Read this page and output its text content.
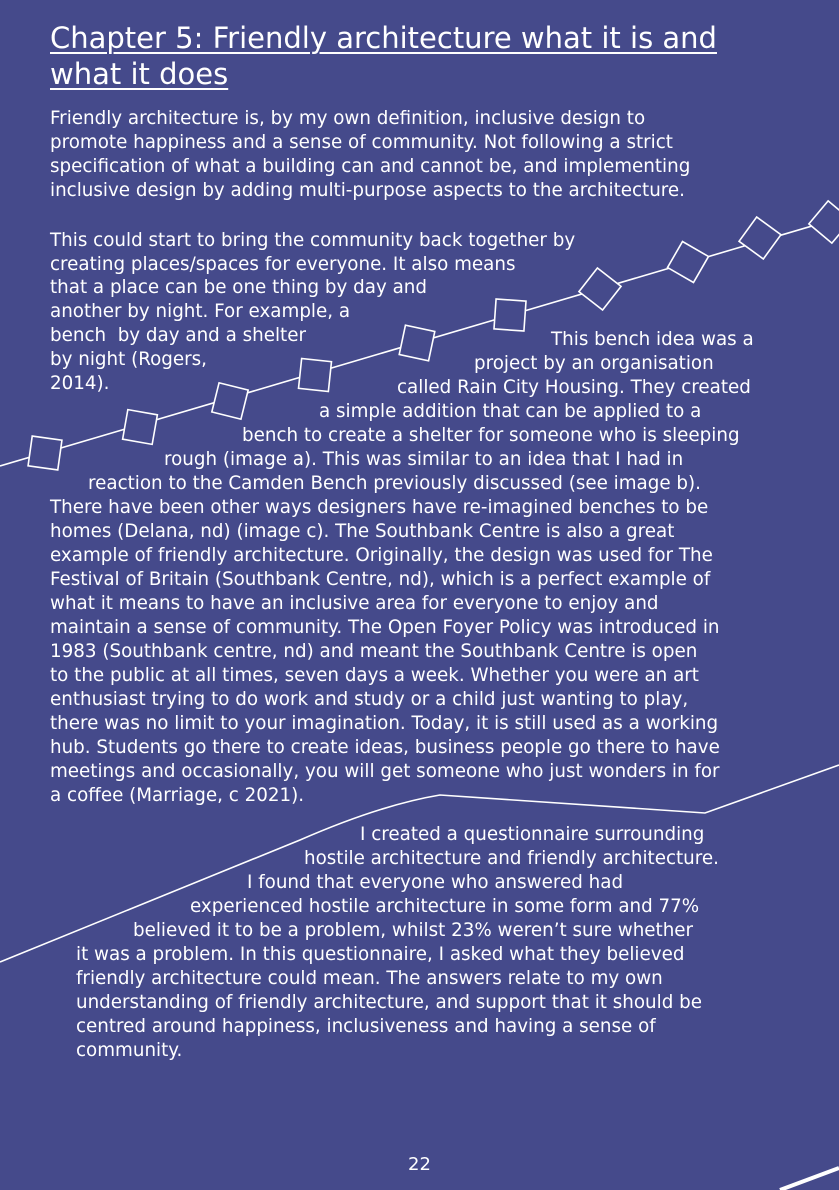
Chapter 5: Friendly architecture what it is and
what it does
Friendly architecture is, by my own definition, inclusive design to
promote happiness and a sense of community. Not following a strict
specification of what a building can and cannot be, and implementing
inclusive design by adding multi-purpose aspects to the architecture.
This could start to bring the community back together by
creating places/spaces for everyone. It also means
that a place can be one thing by day and
another by night. For example, a
bench  by day and a shelter
by night (Rogers,
2014).
This bench idea was a
project by an organisation
called Rain City Housing. They created
a simple addition that can be applied to a
bench to create a shelter for someone who is sleeping
rough (image a). This was similar to an idea that I had in
reaction to the Camden Bench previously discussed (see image b).
There have been other ways designers have re-imagined benches to be
homes (Delana, nd) (image c). The Southbank Centre is also a great
example of friendly architecture. Originally, the design was used for The
Festival of Britain (Southbank Centre, nd), which is a perfect example of
what it means to have an inclusive area for everyone to enjoy and
maintain a sense of community. The Open Foyer Policy was introduced in
1983 (Southbank centre, nd) and meant the Southbank Centre is open
to the public at all times, seven days a week. Whether you were an art
enthusiast trying to do work and study or a child just wanting to play,
there was no limit to your imagination. Today, it is still used as a working
hub. Students go there to create ideas, business people go there to have
meetings and occasionally, you will get someone who just wonders in for
a coffee (Marriage, c 2021).
I created a questionnaire surrounding
hostile architecture and friendly architecture.
I found that everyone who answered had
experienced hostile architecture in some form and 77%
believed it to be a problem, whilst 23% weren’t sure whether
it was a problem. In this questionnaire, I asked what they believed
friendly architecture could mean. The answers relate to my own
understanding of friendly architecture, and support that it should be
centred around happiness, inclusiveness and having a sense of
community.
22
